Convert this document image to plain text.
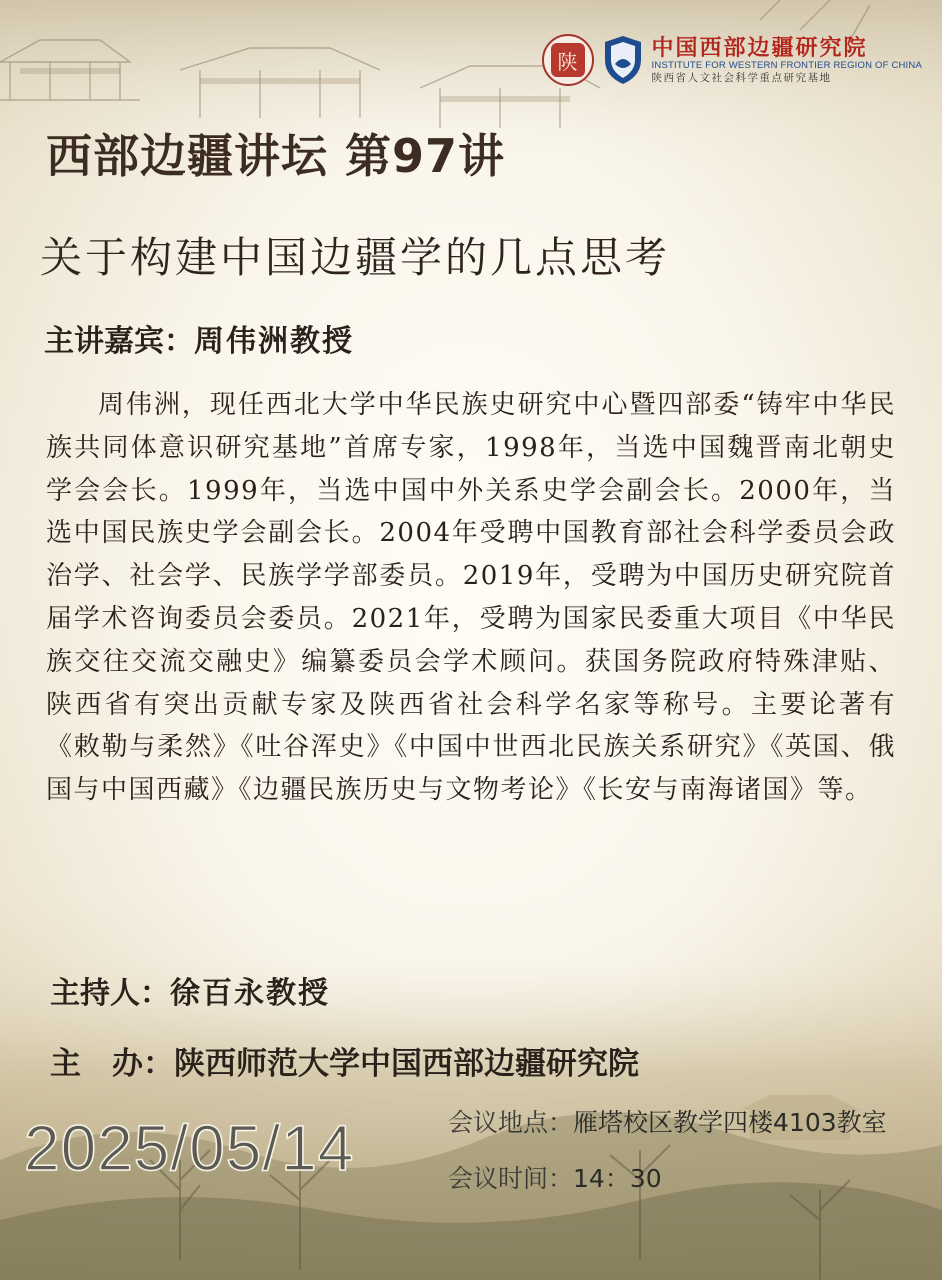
陕
中国西部边疆研究院
INSTITUTE FOR WESTERN FRONTIER REGION OF CHINA
陕西省人文社会科学重点研究基地
西部边疆讲坛 第97讲
关于构建中国边疆学的几点思考
主讲嘉宾：周伟洲教授

周伟洲，现任西北大学中华民族史研究中心暨四部委“铸牢中华民族共同体意识研究基地”首席专家，1998年，当选中国魏晋南北朝史学会会长。1999年，当选中国中外关系史学会副会长。2000年，当选中国民族史学会副会长。2004年受聘中国教育部社会科学委员会政治学、社会学、民族学学部委员。2019年，受聘为中国历史研究院首届学术咨询委员会委员。2021年，受聘为国家民委重大项目《中华民族交往交流交融史》编纂委员会学术顾问。获国务院政府特殊津贴、陕西省有突出贡献专家及陕西省社会科学名家等称号。主要论著有《敕勒与柔然》《吐谷浑史》《中国中世西北民族关系研究》《英国、俄国与中国西藏》《边疆民族历史与文物考论》《长安与南海诸国》等。

主持人：徐百永教授
主　办：陕西师范大学中国西部边疆研究院
2025/05/14	会议地点：雁塔校区教学四楼4103教室
会议时间：14：30
